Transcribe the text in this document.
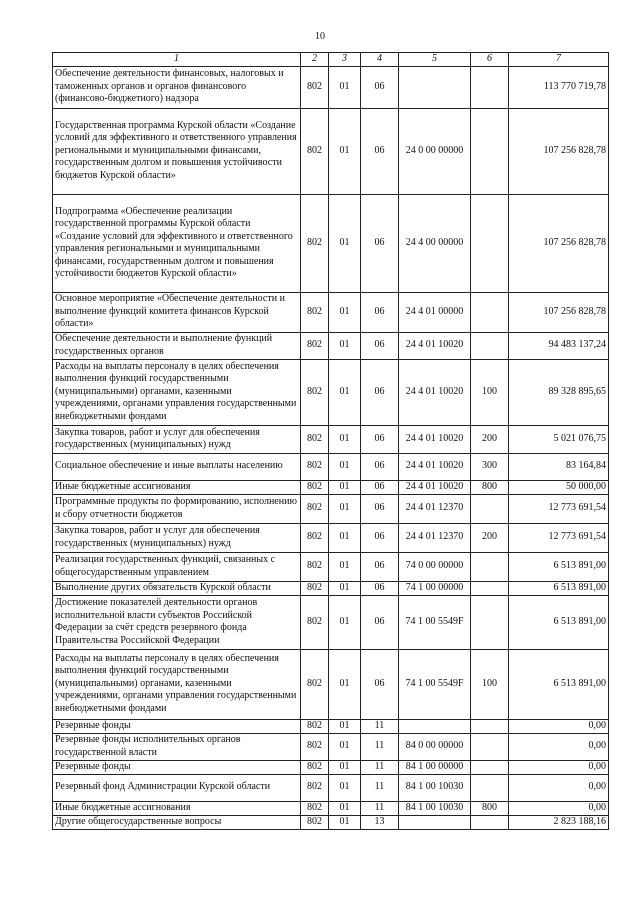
10
1	2	3	4	5	6	7
Обеспечение деятельности финансовых, налоговых и таможенных органов и органов финансового (финансово-бюджетного) надзора	802	01	06			113 770 719,78
Государственная программа Курской области «Создание условий для эффективного и ответственного управления региональными и муниципальными финансами, государственным долгом и повышения устойчивости бюджетов Курской области»	802	01	06	24 0 00 00000		107 256 828,78
Подпрограмма «Обеспечение реализации государственной программы Курской области «Создание условий для эффективного и ответственного управления региональными и муниципальными финансами, государственным долгом и повышения устойчивости бюджетов Курской области»	802	01	06	24 4 00 00000		107 256 828,78
Основное мероприятие «Обеспечение деятельности и выполнение функций комитета финансов Курской области»	802	01	06	24 4 01 00000		107 256 828,78
Обеспечение деятельности и выполнение функций государственных органов	802	01	06	24 4 01 10020		94 483 137,24
Расходы на выплаты персоналу в целях обеспечения выполнения функций государственными (муниципальными) органами, казенными учреждениями, органами управления государственными внебюджетными фондами	802	01	06	24 4 01 10020	100	89 328 895,65
Закупка товаров, работ и услуг для обеспечения государственных (муниципальных) нужд	802	01	06	24 4 01 10020	200	5 021 076,75
Социальное обеспечение и иные выплаты населению	802	01	06	24 4 01 10020	300	83 164,84
Иные бюджетные ассигнования	802	01	06	24 4 01 10020	800	50 000,00
Программные продукты по формированию, исполнению и сбору отчетности бюджетов	802	01	06	24 4 01 12370		12 773 691,54
Закупка товаров, работ и услуг для обеспечения государственных (муниципальных) нужд	802	01	06	24 4 01 12370	200	12 773 691,54
Реализация государственных функций, связанных с общегосударственным управлением	802	01	06	74 0 00 00000		6 513 891,00
Выполнение других обязательств Курской области	802	01	06	74 1 00 00000		6 513 891,00
Достижение показателей деятельности органов исполнительной власти субъектов Российской Федерации за счёт средств резервного фонда Правительства Российской Федерации	802	01	06	74 1 00 5549F		6 513 891,00
Расходы на выплаты персоналу в целях обеспечения выполнения функций государственными (муниципальными) органами, казенными учреждениями, органами управления государственными внебюджетными фондами	802	01	06	74 1 00 5549F	100	6 513 891,00
Резервные фонды	802	01	11			0,00
Резервные фонды исполнительных органов государственной власти	802	01	11	84 0 00 00000		0,00
Резервные фонды	802	01	11	84 1 00 00000		0,00
Резервный фонд Администрации Курской области	802	01	11	84 1 00 10030		0,00
Иные бюджетные ассигнования	802	01	11	84 1 00 10030	800	0,00
Другие общегосударственные вопросы	802	01	13			2 823 188,16
